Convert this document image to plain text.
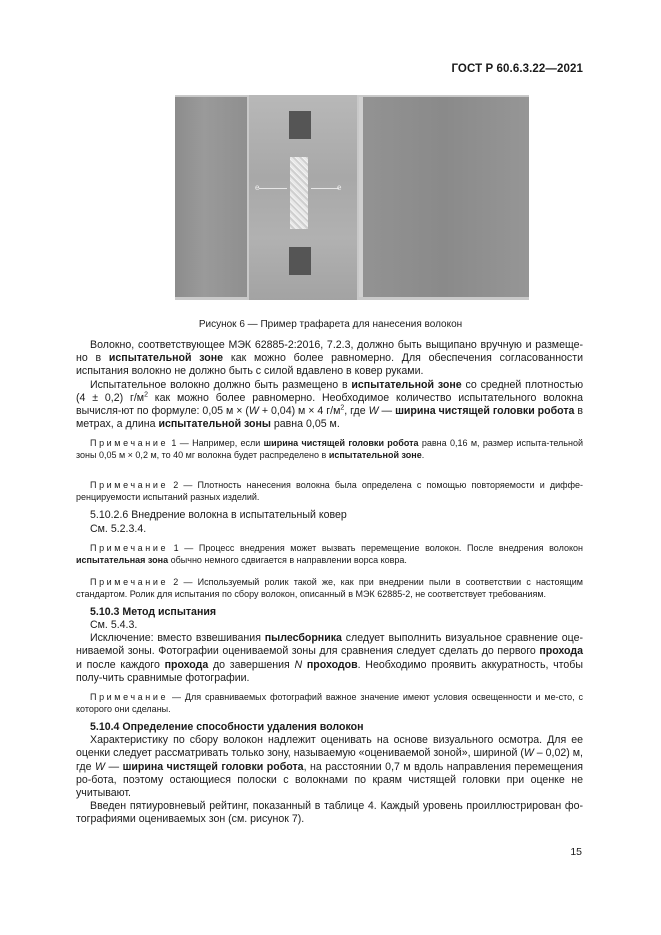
ГОСТ Р 60.6.3.22—2021
e	e
Рисунок 6 — Пример трафарета для нанесения волокон

Волокно, соответствующее МЭК 62885-2:2016, 7.2.3, должно быть выщипано вручную и размеще-но в испытательной зоне как можно более равномерно. Для обеспечения согласованности испытания волокно не должно быть с силой вдавлено в ковер руками.

Испытательное волокно должно быть размещено в испытательной зоне со средней плотностью (4 ± 0,2) $г/м^2$ как можно более равномерно. Необходимое количество испытательного волокна вычисля-ют по формуле: 0,05 м × (W + 0,04) м × 4 $г/м^2$, где W — ширина чистящей головки робота в метрах, а длина испытательной зоны равна 0,05 м.

Примечание 1 — Например, если ширина чистящей головки робота равна 0,16 м, размер испыта-тельной зоны 0,05 м × 0,2 м, то 40 мг волокна будет распределено в испытательной зоне.

Примечание 2 — Плотность нанесения волокна была определена с помощью повторяемости и диффе-ренцируемости испытаний разных изделий.

5.10.2.6 Внедрение волокна в испытательный ковер

См. 5.2.3.4.

Примечание 1 — Процесс внедрения может вызвать перемещение волокон. После внедрения волокон испытательная зона обычно немного сдвигается в направлении ворса ковра.

Примечание 2 — Используемый ролик такой же, как при внедрении пыли в соответствии с настоящим стандартом. Ролик для испытания по сбору волокон, описанный в МЭК 62885-2, не соответствует требованиям.

5.10.3 Метод испытания

См. 5.4.3.

Исключение: вместо взвешивания пылесборника следует выполнить визуальное сравнение оце-ниваемой зоны. Фотографии оцениваемой зоны для сравнения следует сделать до первого прохода и после каждого прохода до завершения N проходов. Необходимо проявить аккуратность, чтобы полу-чить сравнимые фотографии.

Примечание — Для сравниваемых фотографий важное значение имеют условия освещенности и ме-сто, с которого они сделаны.

5.10.4 Определение способности удаления волокон

Характеристику по сбору волокон надлежит оценивать на основе визуального осмотра. Для ее оценки следует рассматривать только зону, называемую «оцениваемой зоной», шириной (W – 0,02) м, где W — ширина чистящей головки робота, на расстоянии 0,7 м вдоль направления перемещения ро-бота, поэтому остающиеся полоски с волокнами по краям чистящей головки при оценке не учитывают.

Введен пятиуровневый рейтинг, показанный в таблице 4. Каждый уровень проиллюстрирован фо-тографиями оцениваемых зон (см. рисунок 7).

15
